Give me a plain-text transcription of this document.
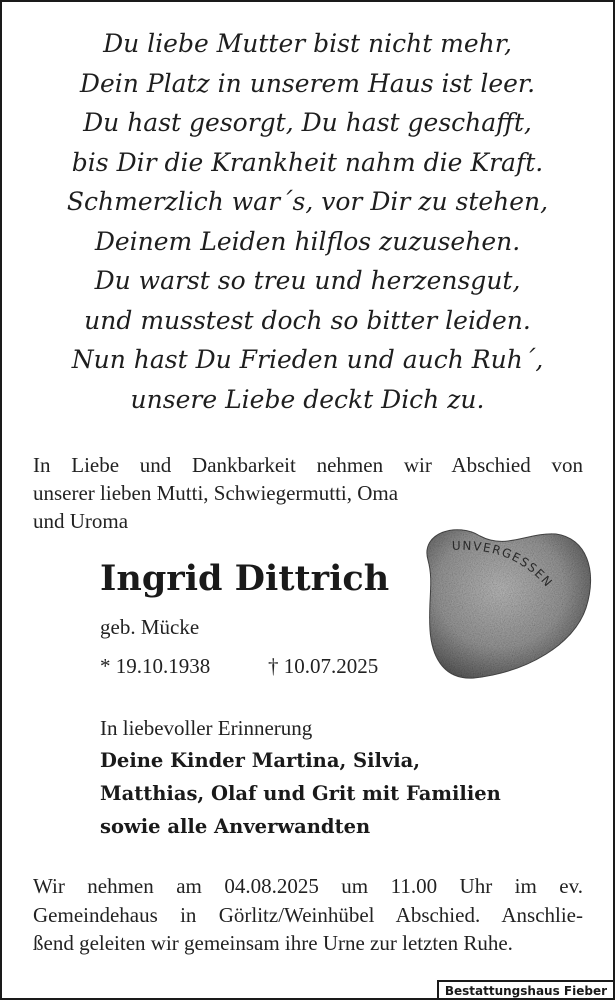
Du liebe Mutter bist nicht mehr,
Dein Platz in unserem Haus ist leer.
Du hast gesorgt, Du hast geschafft,
bis Dir die Krankheit nahm die Kraft.
Schmerzlich war´s, vor Dir zu stehen,
Deinem Leiden hilflos zuzusehen.
Du warst so treu und herzensgut,
und musstest doch so bitter leiden.
Nun hast Du Frieden und auch Ruh´,
unsere Liebe deckt Dich zu.
In Liebe und Dankbarkeit nehmen wir Abschied von
unserer lieben Mutti, Schwiegermutti, Oma
und Uroma
Ingrid Dittrich
geb. Mücke
* 19.10.1938	† 10.07.2025
UNVERGESSEN
In liebevoller Erinnerung
Deine Kinder Martina, Silvia,
Matthias, Olaf und Grit mit Familien
sowie alle Anverwandten
Wir nehmen am 04.08.2025 um 11.00 Uhr im ev.
Gemeindehaus in Görlitz/Weinhübel Abschied. Anschlie-
ßend geleiten wir gemeinsam ihre Urne zur letzten Ruhe.
Bestattungshaus Fieber
